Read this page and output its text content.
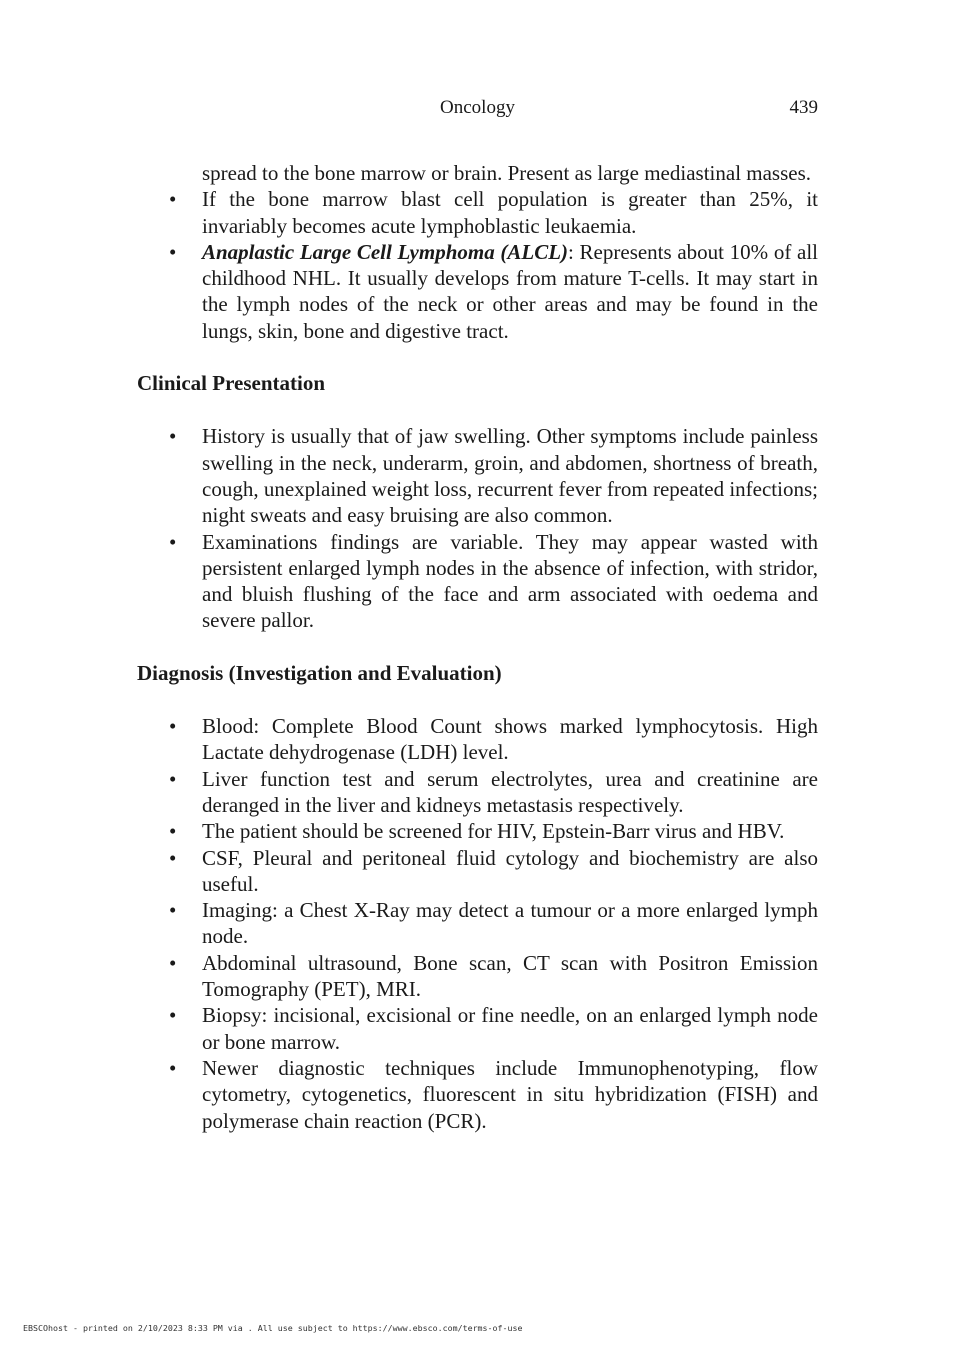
Oncology	439

spread to the bone marrow or brain. Present as large mediastinal masses.

• If the bone marrow blast cell population is greater than 25%, it invariably becomes acute lymphoblastic leukaemia.
• Anaplastic Large Cell Lymphoma (ALCL): Represents about 10% of all childhood NHL. It usually develops from mature T-cells. It may start in the lymph nodes of the neck or other areas and may be found in the lungs, skin, bone and digestive tract.
Clinical Presentation
• History is usually that of jaw swelling. Other symptoms include painless swelling in the neck, underarm, groin, and abdomen, shortness of breath, cough, unexplained weight loss, recurrent fever from repeated infections; night sweats and easy bruising are also common.
• Examinations findings are variable. They may appear wasted with persistent enlarged lymph nodes in the absence of infection, with stridor, and bluish flushing of the face and arm associated with oedema and severe pallor.
Diagnosis (Investigation and Evaluation)
• Blood: Complete Blood Count shows marked lymphocytosis. High Lactate dehydrogenase (LDH) level.
• Liver function test and serum electrolytes, urea and creatinine are deranged in the liver and kidneys metastasis respectively.
• The patient should be screened for HIV, Epstein-Barr virus and HBV.
• CSF, Pleural and peritoneal fluid cytology and biochemistry are also useful.
• Imaging: a Chest X-Ray may detect a tumour or a more enlarged lymph node.
• Abdominal ultrasound, Bone scan, CT scan with Positron Emission Tomography (PET), MRI.
• Biopsy: incisional, excisional or fine needle, on an enlarged lymph node or bone marrow.
• Newer diagnostic techniques include Immunophenotyping, flow cytometry, cytogenetics, fluorescent in situ hybridization (FISH) and polymerase chain reaction (PCR).
EBSCOhost - printed on 2/10/2023 8:33 PM via . All use subject to https://www.ebsco.com/terms-of-use
